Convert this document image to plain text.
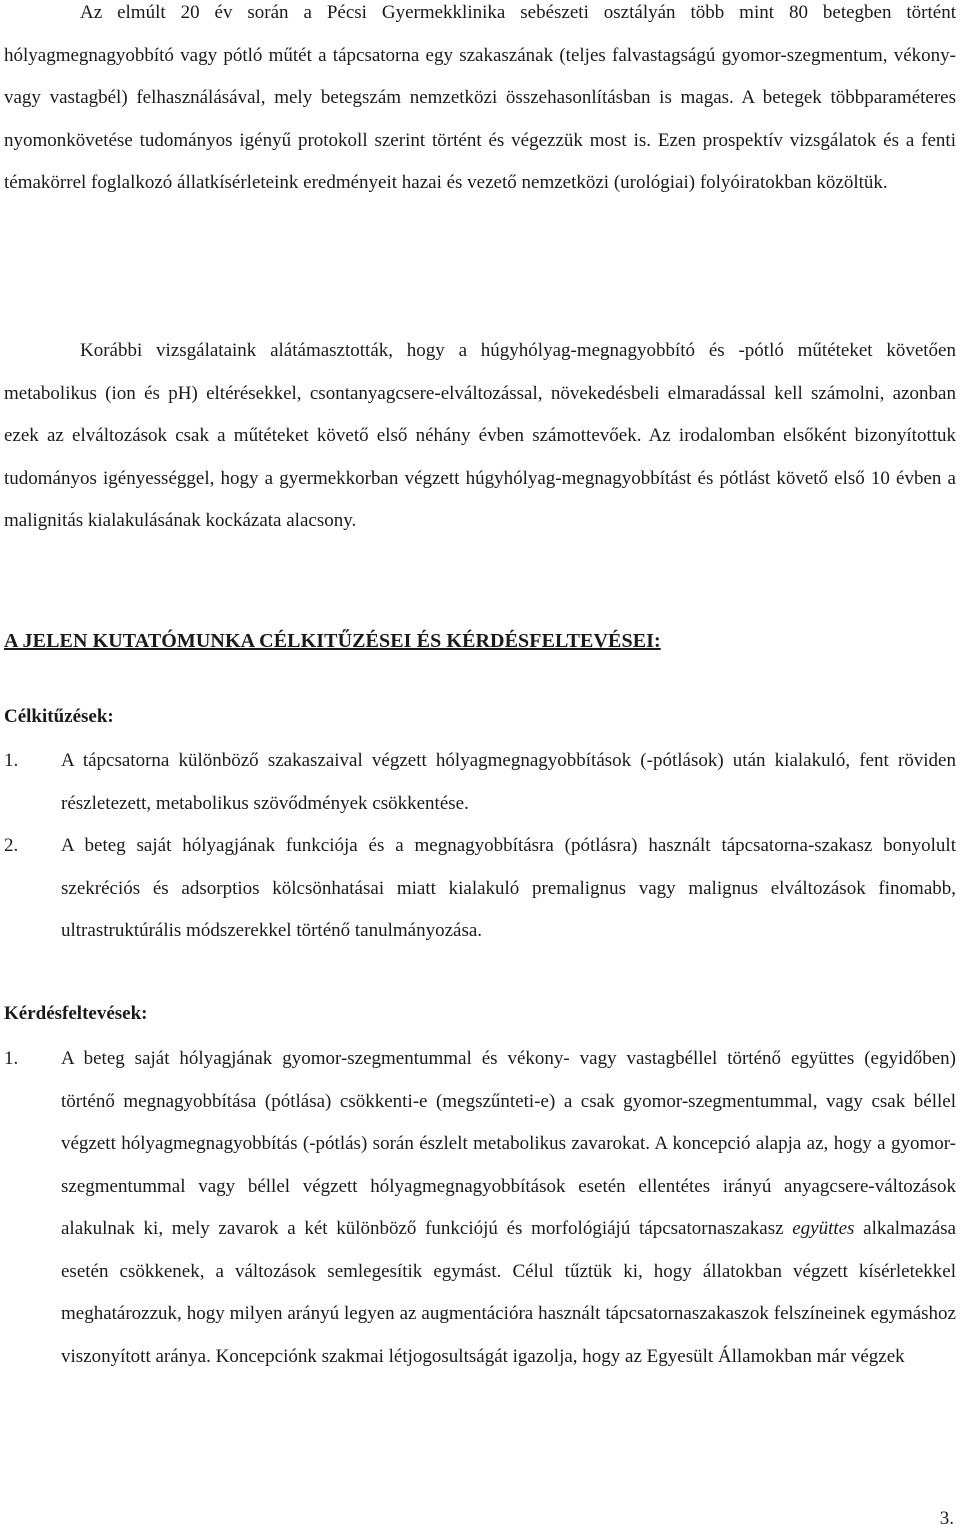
Az elmúlt 20 év során a Pécsi Gyermekklinika sebészeti osztályán több mint 80 betegben történt hólyagmegnagyobbító vagy pótló műtét a tápcsatorna egy szakaszának (teljes falvastagságú gyomor-szegmentum, vékony- vagy vastagbél) felhasználásával, mely betegszám nemzetközi összehasonlításban is magas. A betegek többparaméteres nyomonkövetése tudományos igényű protokoll szerint történt és végezzük most is. Ezen prospektív vizsgálatok és a fenti témakörrel foglalkozó állatkísérleteink eredményeit hazai és vezető nemzetközi (urológiai) folyóiratokban közöltük.

Korábbi vizsgálataink alátámasztották, hogy a húgyhólyag-megnagyobbító és -pótló műtéteket követően metabolikus (ion és pH) eltérésekkel, csontanyagcsere-elváltozással, növekedésbeli elmaradással kell számolni, azonban ezek az elváltozások csak a műtéteket követő első néhány évben számottevőek. Az irodalomban elsőként bizonyítottuk tudományos igényességgel, hogy a gyermekkorban végzett húgyhólyag-megnagyobbítást és pótlást követő első 10 évben a malignitás kialakulásának kockázata alacsony.

A JELEN KUTATÓMUNKA CÉLKITŰZÉSEI ÉS KÉRDÉSFELTEVÉSEI:
Célkitűzések:
1. A tápcsatorna különböző szakaszaival végzett hólyagmegnagyobbítások (-pótlások) után kialakuló, fent röviden részletezett, metabolikus szövődmények csökkentése.
2. A beteg saját hólyagjának funkciója és a megnagyobbításra (pótlásra) használt tápcsatorna-szakasz bonyolult szekréciós és adsorptios kölcsönhatásai miatt kialakuló premalignus vagy malignus elváltozások finomabb, ultrastruktúrális módszerekkel történő tanulmányozása.
Kérdésfeltevések:
1. A beteg saját hólyagjának gyomor-szegmentummal és vékony- vagy vastagbéllel történő együttes (egyidőben) történő megnagyobbítása (pótlása) csökkenti-e (megszűnteti-e) a csak gyomor-szegmentummal, vagy csak béllel végzett hólyagmegnagyobbítás (-pótlás) során észlelt metabolikus zavarokat. A koncepció alapja az, hogy a gyomor-szegmentummal vagy béllel végzett hólyagmegnagyobbítások esetén ellentétes irányú anyagcsere-változások alakulnak ki, mely zavarok a két különböző funkciójú és morfológiájú tápcsatornaszakasz együttes alkalmazása esetén csökkenek, a változások semlegesítik egymást. Célul tűztük ki, hogy állatokban végzett kísérletekkel meghatározzuk, hogy milyen arányú legyen az augmentációra használt tápcsatornaszakaszok felszíneinek egymáshoz viszonyított aránya. Koncepciónk szakmai létjogosultságát igazolja, hogy az Egyesült Államokban már végzek
3.
